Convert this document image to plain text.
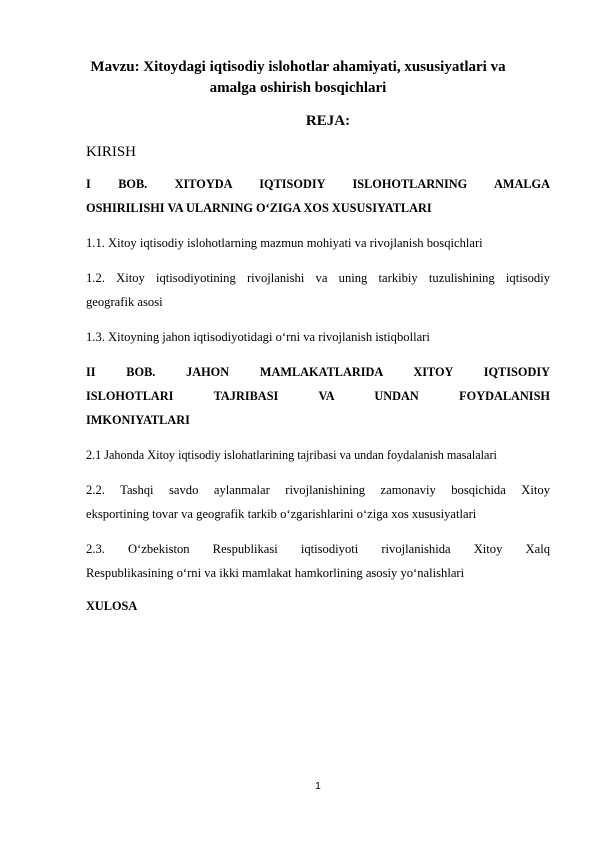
Mavzu: Xitoydagi iqtisodiy islohotlar ahamiyati, xususiyatlari va
amalga oshirish bosqichlari
REJA:
KIRISH
I BOB. XITOYDA IQTISODIY ISLOHOTLARNING AMALGA
OSHIRILISHI VA ULARNING O‘ZIGA XOS XUSUSIYATLARI
1.1. Xitoy iqtisodiy islohotlarning mazmun mohiyati va rivojlanish bosqichlari
1.2. Xitoy iqtisodiyotining rivojlanishi va uning tarkibiy tuzulishining iqtisodiy
geografik asosi
1.3. Xitoyning jahon iqtisodiyotidagi o‘rni va rivojlanish istiqbollari
II BOB. JAHON MAMLAKATLARIDA XITOY IQTISODIY
ISLOHOTLARI TAJRIBASI VA UNDAN FOYDALANISH
IMKONIYATLARI
2.1 Jahonda Xitoy iqtisodiy islohatlarining tajribasi va undan foydalanish masalalari
2.2. Tashqi savdo aylanmalar rivojlanishining zamonaviy bosqichida Xitoy
eksportining tovar va geografik tarkib o‘zgarishlarini o‘ziga xos xususiyatlari
2.3. O‘zbekiston Respublikasi iqtisodiyoti rivojlanishida Xitoy Xalq
Respublikasining o‘rni va ikki mamlakat hamkorlining asosiy yo‘nalishlari
XULOSA
1
